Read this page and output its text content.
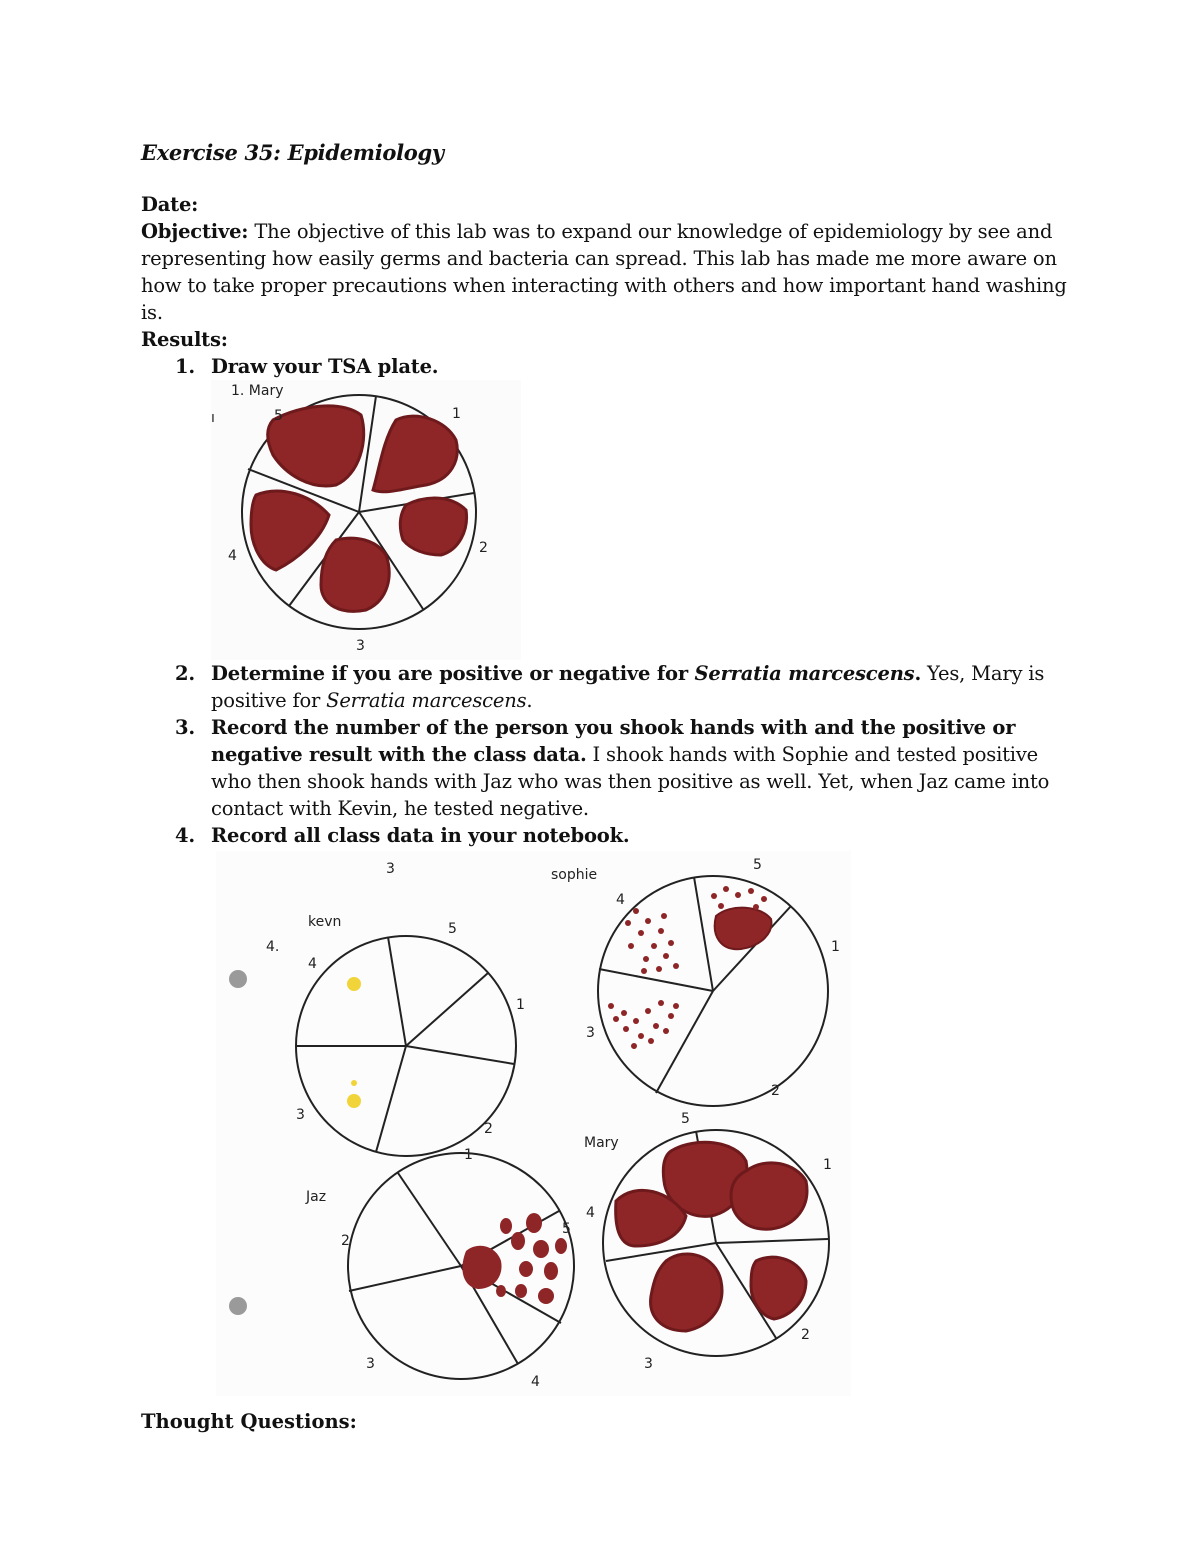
Exercise 35: Epidemiology

Date:

Objective: The objective of this lab was to expand our knowledge of epidemiology by see and representing how easily germs and bacteria can spread. This lab has made me more aware on how to take proper precautions when interacting with others and how important hand washing is.

Results:

1. Draw your TSA plate.
1. Mary
ı	5	1
2
3
4
2. Determine if you are positive or negative for Serratia marcescens. Yes, Mary is positive for Serratia marcescens.
3. Record the number of the person you shook hands with and the positive or negative result with the class data. I shook hands with Sophie and tested positive who then shook hands with Jaz who was then positive as well. Yet, when Jaz came into contact with Kevin, he tested negative.
4. Record all class data in your notebook.
3
4.
kevn	5
1
2
3
4
sophie
5
1
2
3
4
Jaz
1
2
3
4
5
Mary
5
1
2
3
4

Thought Questions:
